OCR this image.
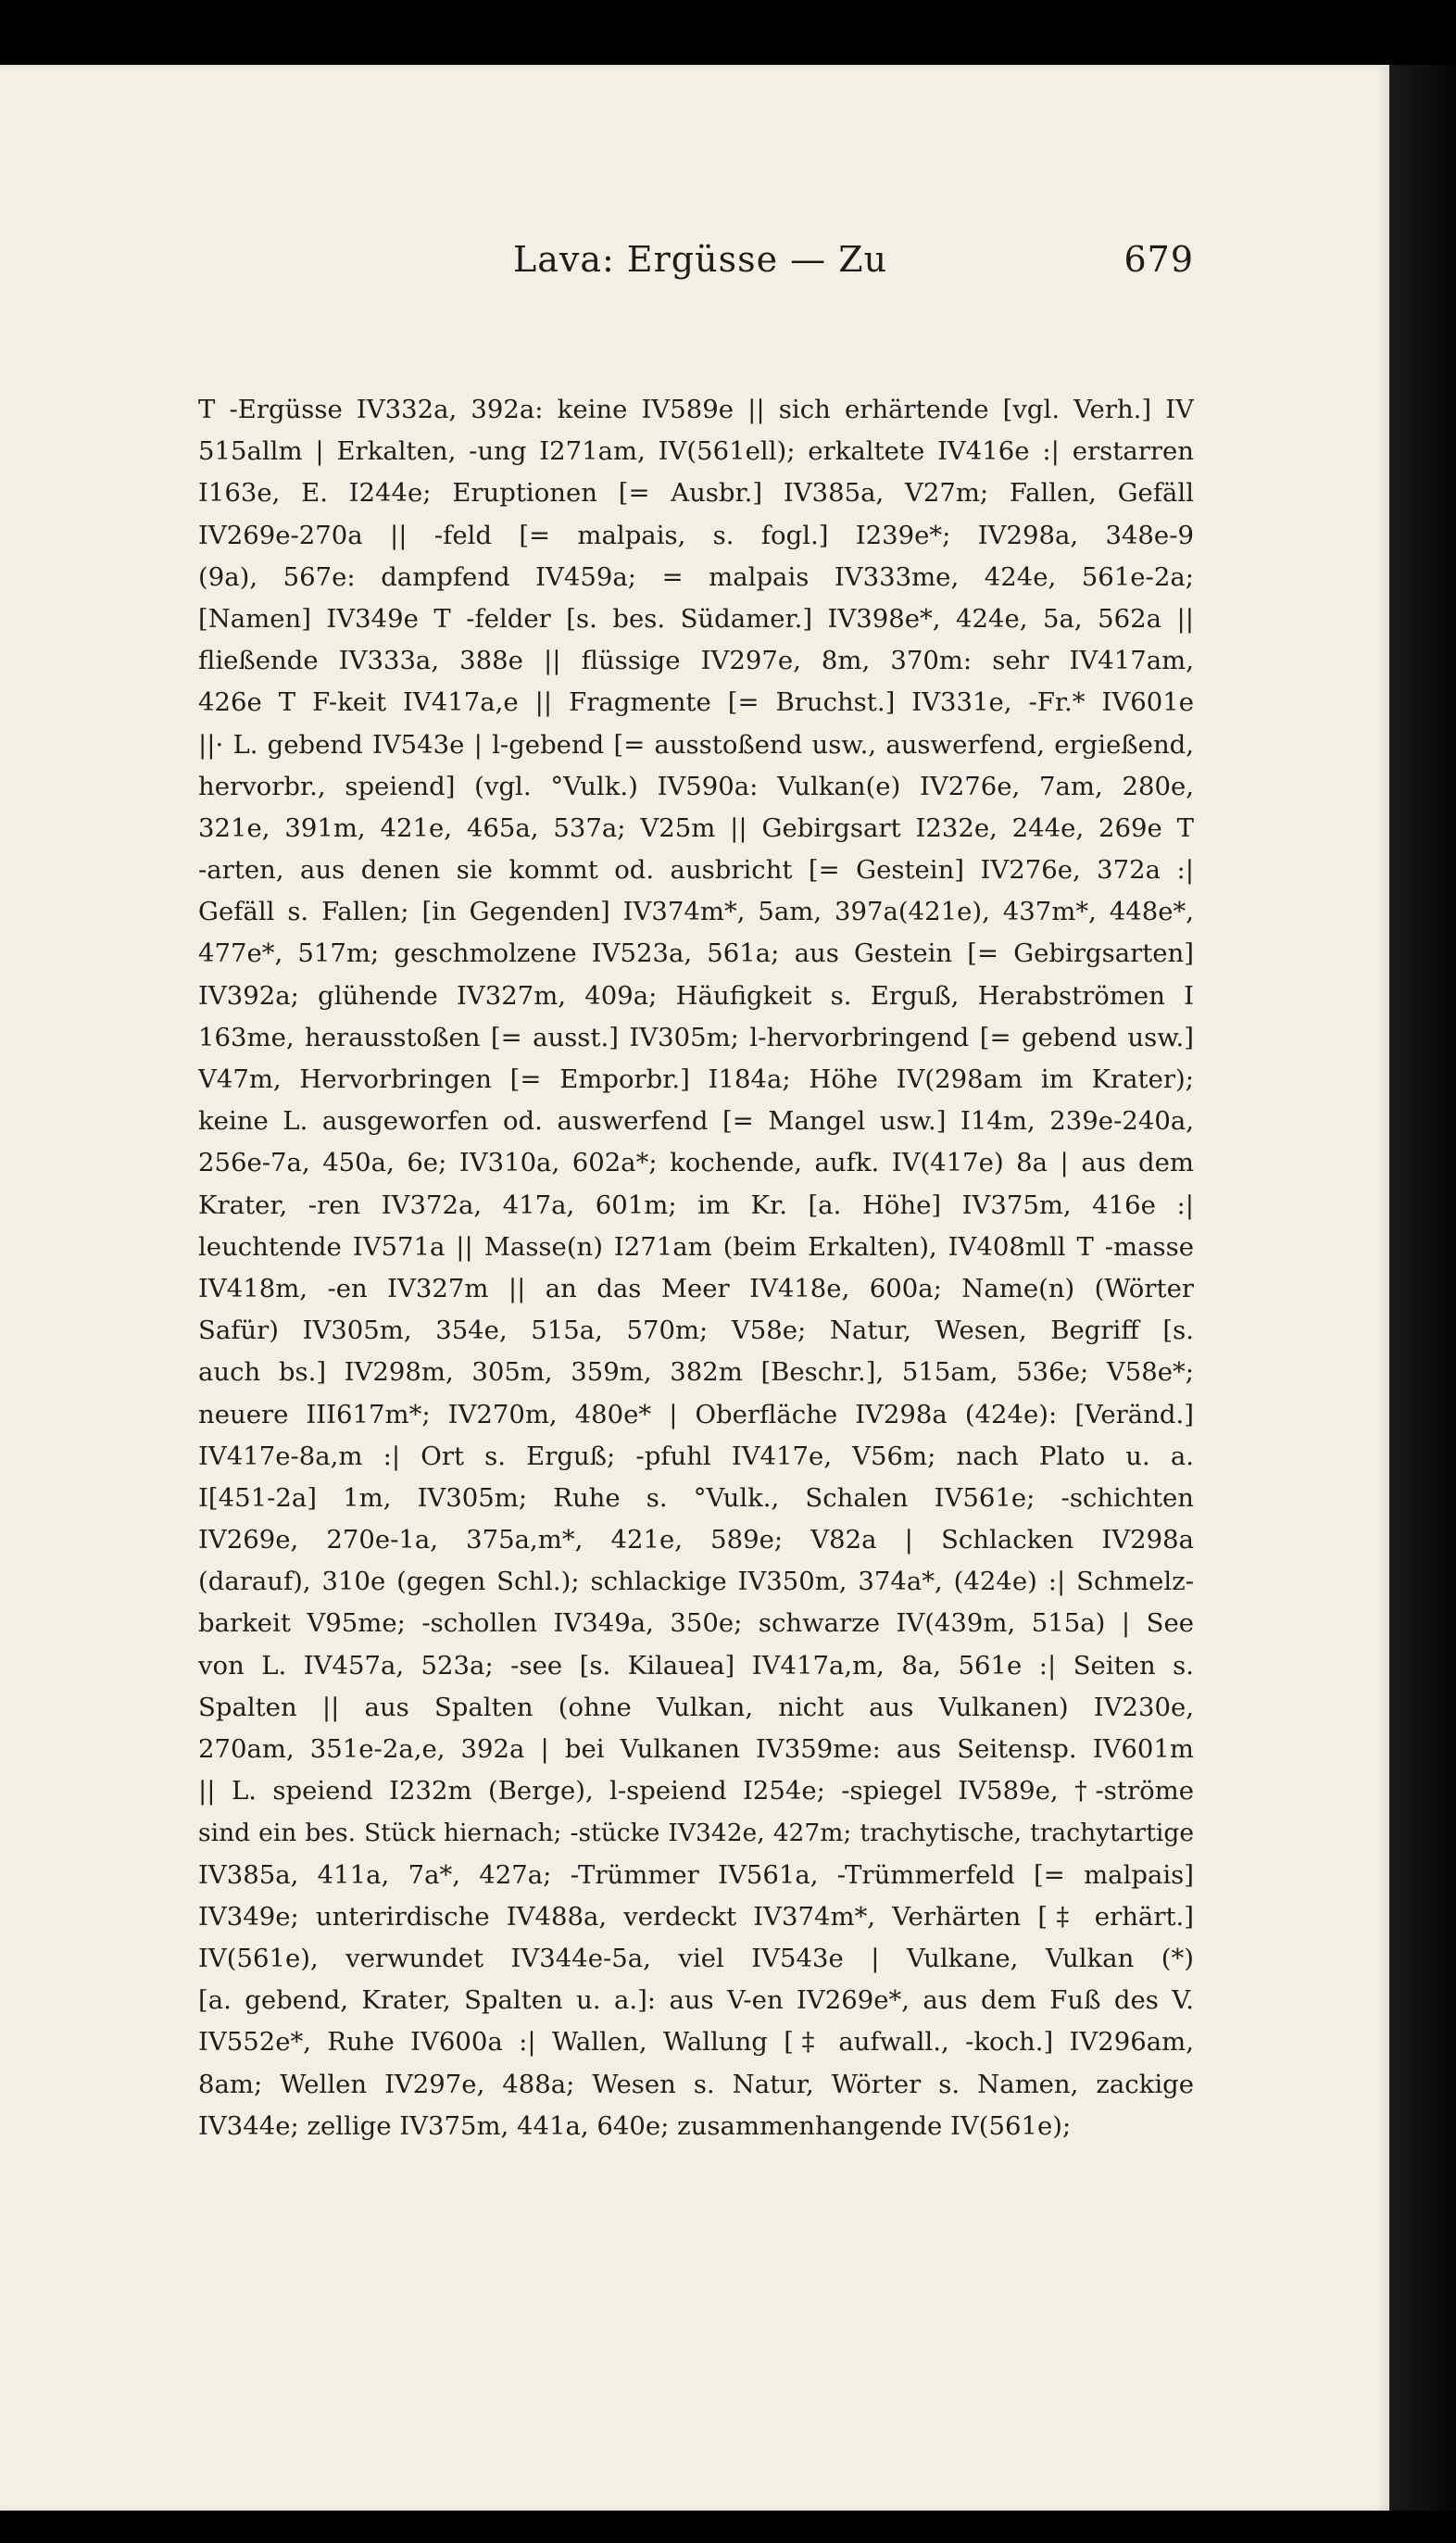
Lava: Ergüsse — Zu	679
T -Ergüsse IV332a, 392a: keine IV589e || sich erhärtende [vgl. Verh.] IV
515allm | Erkalten, -ung I271am, IV(561ell); erkaltete IV416e :| erstarren
I163e, E. I244e; Eruptionen [= Ausbr.] IV385a, V27m; Fallen, Gefäll
IV269e-270a || -feld [= malpais, s. fogl.] I239e*; IV298a, 348e-9
(9a), 567e: dampfend IV459a; = malpais IV333me, 424e, 561e-2a;
[Namen] IV349e T -felder [s. bes. Südamer.] IV398e*, 424e, 5a, 562a ||
fließende IV333a, 388e || flüssige IV297e, 8m, 370m: sehr IV417am,
426e T F-keit IV417a,e || Fragmente [= Bruchst.] IV331e, -Fr.* IV601e
||· L. gebend IV543e | l-gebend [= ausstoßend usw., auswerfend, ergießend,
hervorbr., speiend] (vgl. °Vulk.) IV590a: Vulkan(e) IV276e, 7am, 280e,
321e, 391m, 421e, 465a, 537a; V25m || Gebirgsart I232e, 244e, 269e T
-arten, aus denen sie kommt od. ausbricht [= Gestein] IV276e, 372a :|
Gefäll s. Fallen; [in Gegenden] IV374m*, 5am, 397a(421e), 437m*, 448e*,
477e*, 517m; geschmolzene IV523a, 561a; aus Gestein [= Gebirgsarten]
IV392a; glühende IV327m, 409a; Häufigkeit s. Erguß, Herabströmen I
163me, herausstoßen [= ausst.] IV305m; l-hervorbringend [= gebend usw.]
V47m, Hervorbringen [= Emporbr.] I184a; Höhe IV(298am im Krater);
keine L. ausgeworfen od. auswerfend [= Mangel usw.] I14m, 239e-240a,
256e-7a, 450a, 6e; IV310a, 602a*; kochende, aufk. IV(417e) 8a | aus dem
Krater, -ren IV372a, 417a, 601m; im Kr. [a. Höhe] IV375m, 416e :|
leuchtende IV571a || Masse(n) I271am (beim Erkalten), IV408mll T -masse
IV418m, -en IV327m || an das Meer IV418e, 600a; Name(n) (Wörter
Safür) IV305m, 354e, 515a, 570m; V58e; Natur, Wesen, Begriff [s.
auch bs.] IV298m, 305m, 359m, 382m [Beschr.], 515am, 536e; V58e*;
neuere III617m*; IV270m, 480e* | Oberfläche IV298a (424e): [Veränd.]
IV417e-8a,m :| Ort s. Erguß; -pfuhl IV417e, V56m; nach Plato u. a.
I[451-2a] 1m, IV305m; Ruhe s. °Vulk., Schalen IV561e; -schichten
IV269e, 270e-1a, 375a,m*, 421e, 589e; V82a | Schlacken IV298a
(darauf), 310e (gegen Schl.); schlackige IV350m, 374a*, (424e) :| Schmelz-
barkeit V95me; -schollen IV349a, 350e; schwarze IV(439m, 515a) | See
von L. IV457a, 523a; -see [s. Kilauea] IV417a,m, 8a, 561e :| Seiten s.
Spalten || aus Spalten (ohne Vulkan, nicht aus Vulkanen) IV230e,
270am, 351e-2a,e, 392a | bei Vulkanen IV359me: aus Seitensp. IV601m
|| L. speiend I232m (Berge), l-speiend I254e; -spiegel IV589e, †-ströme
sind ein bes. Stück hiernach; -stücke IV342e, 427m; trachytische, trachytartige
IV385a, 411a, 7a*, 427a; -Trümmer IV561a, -Trümmerfeld [= malpais]
IV349e; unterirdische IV488a, verdeckt IV374m*, Verhärten [‡ erhärt.]
IV(561e), verwundet IV344e-5a, viel IV543e | Vulkane, Vulkan (*)
[a. gebend, Krater, Spalten u. a.]: aus V-en IV269e*, aus dem Fuß des V.
IV552e*, Ruhe IV600a :| Wallen, Wallung [‡ aufwall., -koch.] IV296am,
8am; Wellen IV297e, 488a; Wesen s. Natur, Wörter s. Namen, zackige
IV344e; zellige IV375m, 441a, 640e; zusammenhangende IV(561e);
